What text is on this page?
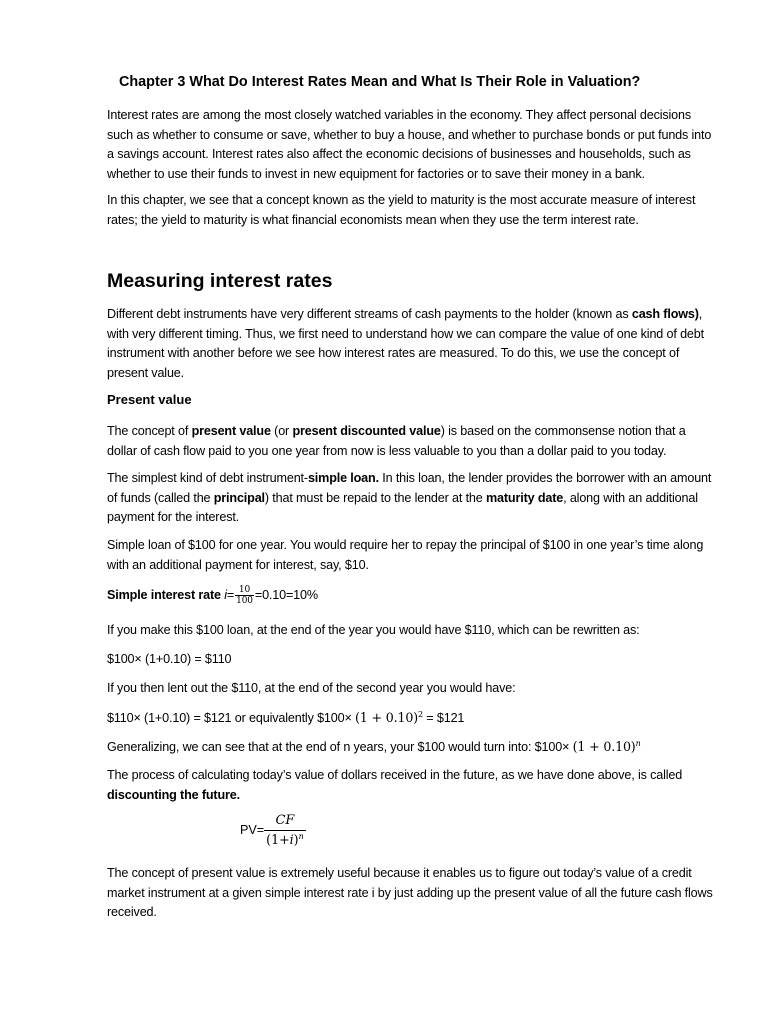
Chapter 3 What Do Interest Rates Mean and What Is Their Role in Valuation?

Interest rates are among the most closely watched variables in the economy. They affect personal decisions such as whether to consume or save, whether to buy a house, and whether to purchase bonds or put funds into a savings account. Interest rates also affect the economic decisions of businesses and households, such as whether to use their funds to invest in new equipment for factories or to save their money in a bank.

In this chapter, we see that a concept known as the yield to maturity is the most accurate measure of interest rates; the yield to maturity is what financial economists mean when they use the term interest rate.

Measuring interest rates

Different debt instruments have very different streams of cash payments to the holder (known as cash flows), with very different timing. Thus, we first need to understand how we can compare the value of one kind of debt instrument with another before we see how interest rates are measured. To do this, we use the concept of present value.

Present value

The concept of present value (or present discounted value) is based on the commonsense notion that a dollar of cash flow paid to you one year from now is less valuable to you than a dollar paid to you today.

The simplest kind of debt instrument-simple loan. In this loan, the lender provides the borrower with an amount of funds (called the principal) that must be repaid to the lender at the maturity date, along with an additional payment for the interest.

Simple loan of $100 for one year. You would require her to repay the principal of $100 in one year’s time along with an additional payment for interest, say, $10.

Simple interest rate $i= \frac{10}{100} =0.10=10\%$

If you make this $100 loan, at the end of the year you would have $110, which can be rewritten as:

$100× (1+0.10) = $110

If you then lent out the $110, at the end of the second year you would have:

$110× (1+0.10) = $121 or equivalently $100× $(1 + 0.10)^2$ = $121

Generalizing, we can see that at the end of n years, your $100 would turn into: $100× $(1 + 0.10)^n$

The process of calculating today’s value of dollars received in the future, as we have done above, is called discounting the future.

$PV= \frac{CF}{(1+i)^n}$

The concept of present value is extremely useful because it enables us to figure out today’s value of a credit market instrument at a given simple interest rate i by just adding up the present value of all the future cash flows received.
